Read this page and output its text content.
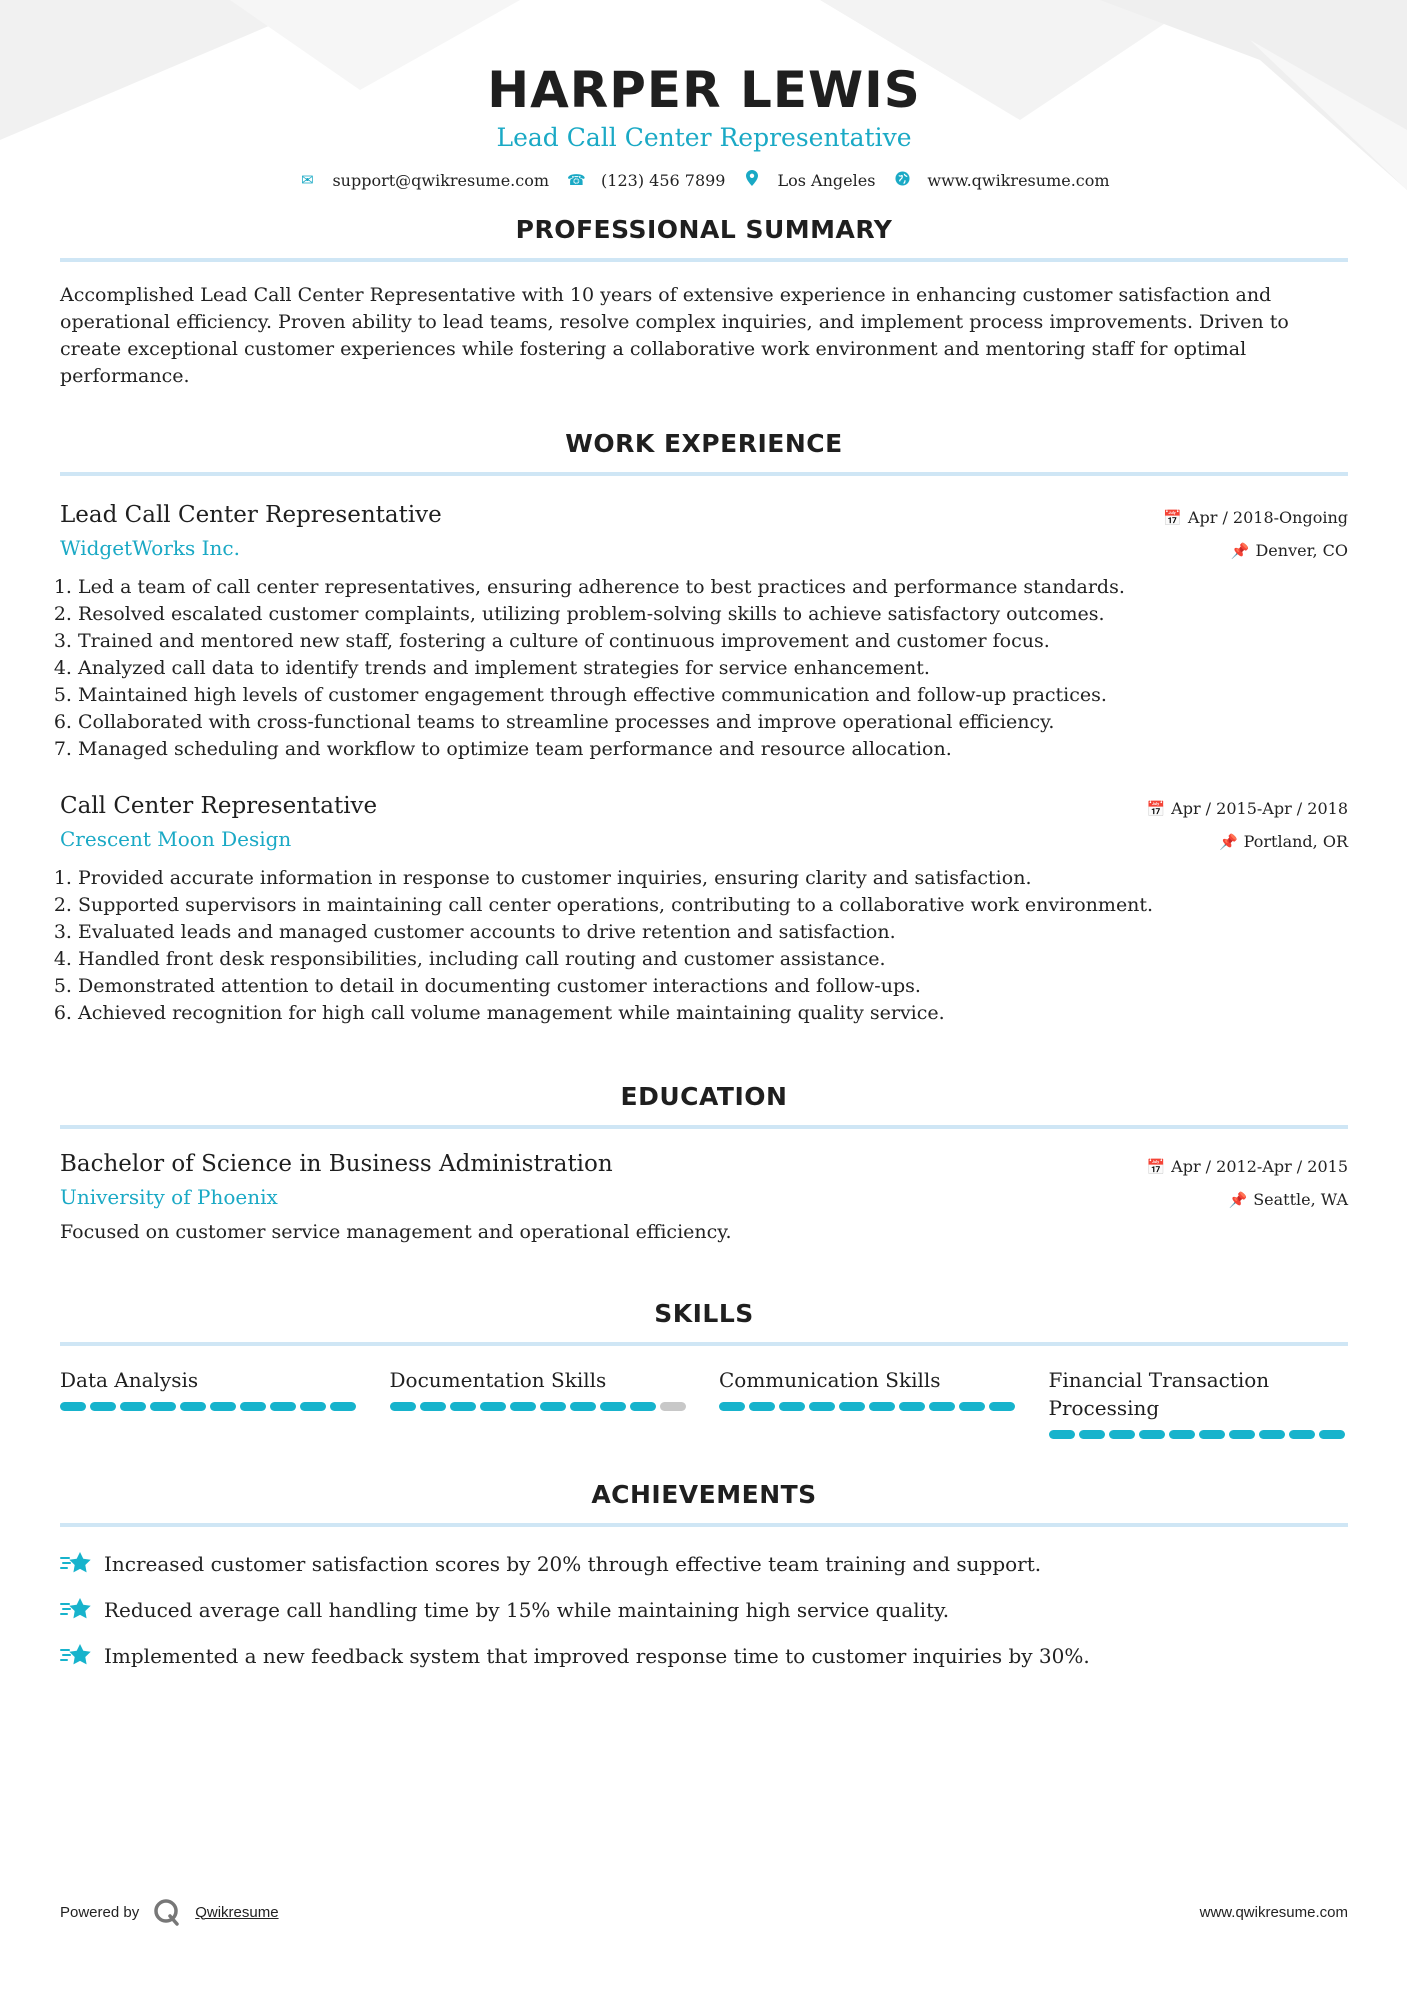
HARPER LEWIS
Lead Call Center Representative
✉ support@qwikresume.com ☎ (123) 456 7899	Los Angeles	www.qwikresume.com
PROFESSIONAL SUMMARY
Accomplished Lead Call Center Representative with 10 years of extensive experience in enhancing customer satisfaction and operational efficiency. Proven ability to lead teams, resolve complex inquiries, and implement process improvements. Driven to create exceptional customer experiences while fostering a collaborative work environment and mentoring staff for optimal performance.
WORK EXPERIENCE
Lead Call Center Representative
WidgetWorks Inc.
📅 Apr / 2018-Ongoing
📌 Denver, CO
1. Led a team of call center representatives, ensuring adherence to best practices and performance standards.
2. Resolved escalated customer complaints, utilizing problem-solving skills to achieve satisfactory outcomes.
3. Trained and mentored new staff, fostering a culture of continuous improvement and customer focus.
4. Analyzed call data to identify trends and implement strategies for service enhancement.
5. Maintained high levels of customer engagement through effective communication and follow-up practices.
6. Collaborated with cross-functional teams to streamline processes and improve operational efficiency.
7. Managed scheduling and workflow to optimize team performance and resource allocation.
Call Center Representative
Crescent Moon Design
📅 Apr / 2015-Apr / 2018
📌 Portland, OR
1. Provided accurate information in response to customer inquiries, ensuring clarity and satisfaction.
2. Supported supervisors in maintaining call center operations, contributing to a collaborative work environment.
3. Evaluated leads and managed customer accounts to drive retention and satisfaction.
4. Handled front desk responsibilities, including call routing and customer assistance.
5. Demonstrated attention to detail in documenting customer interactions and follow-ups.
6. Achieved recognition for high call volume management while maintaining quality service.
EDUCATION
Bachelor of Science in Business Administration
University of Phoenix
📅 Apr / 2012-Apr / 2015
📌 Seattle, WA
Focused on customer service management and operational efficiency.
SKILLS
Data Analysis	Documentation Skills	Communication Skills	Financial Transaction Processing
ACHIEVEMENTS
Increased customer satisfaction scores by 20% through effective team training and support.
Reduced average call handling time by 15% while maintaining high service quality.
Implemented a new feedback system that improved response time to customer inquiries by 30%.
Powered by	Qwikresume	www.qwikresume.com
